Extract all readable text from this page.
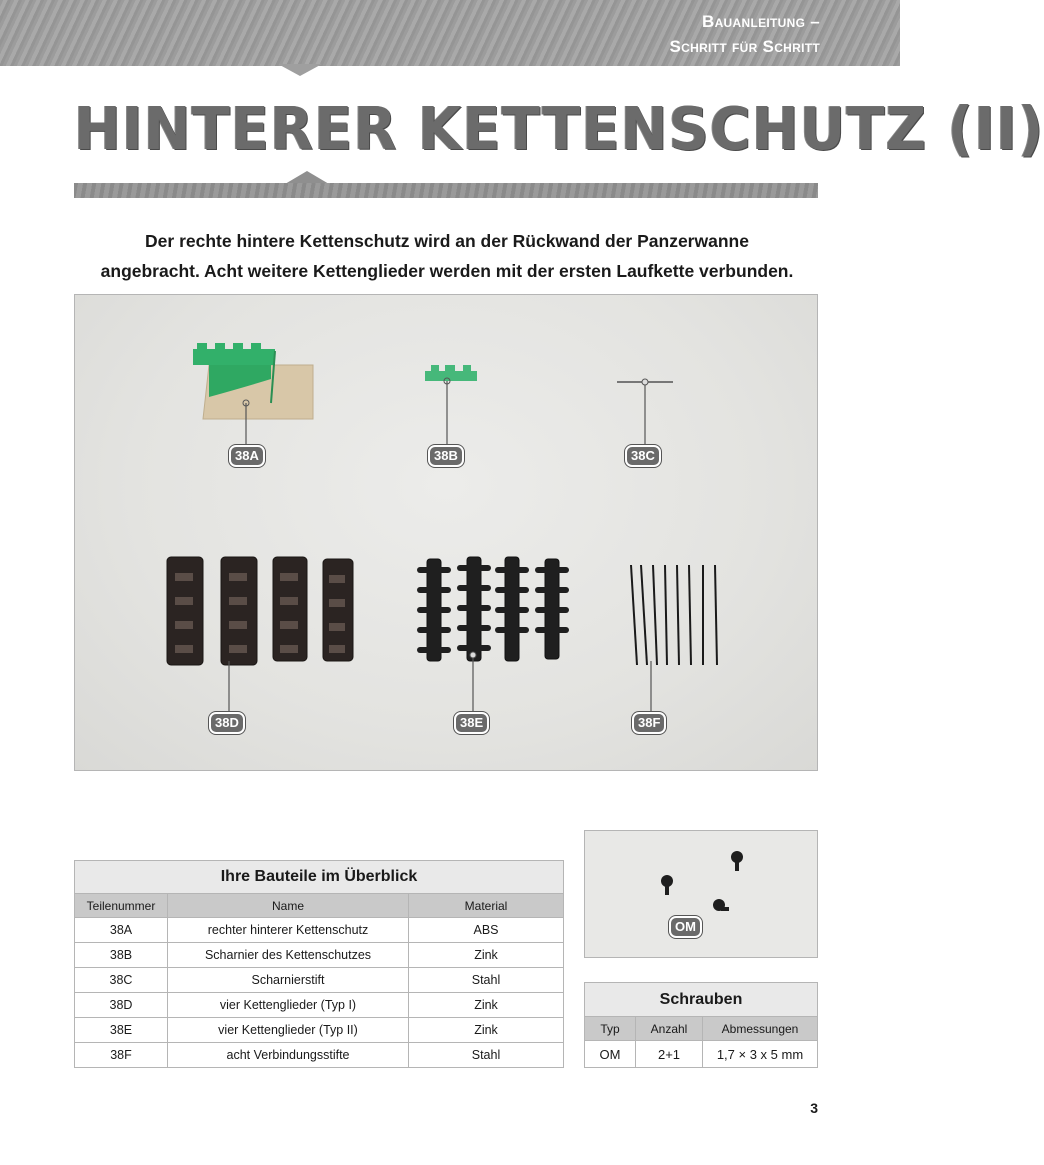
Bauanleitung –
Schritt für Schritt
HINTERER KETTENSCHUTZ (II)
Der rechte hintere Kettenschutz wird an der Rückwand der Panzerwanne
angebracht. Acht weitere Kettenglieder werden mit der ersten Laufkette verbunden.
38A	38B	38C
38D	38E	38F
Ihre Bauteile im Überblick		
Teilenummer	Name	Material
38A	rechter hinterer Kettenschutz	ABS
38B	Scharnier des Kettenschutzes	Zink
38C	Scharnierstift	Stahl
38D	vier Kettenglieder (Typ I)	Zink
38E	vier Kettenglieder (Typ II)	Zink
38F	acht Verbindungsstifte	Stahl
OM
Schrauben		
Typ	Anzahl	Abmessungen
OM	2+1	1,7 × 3 x 5 mm
3
